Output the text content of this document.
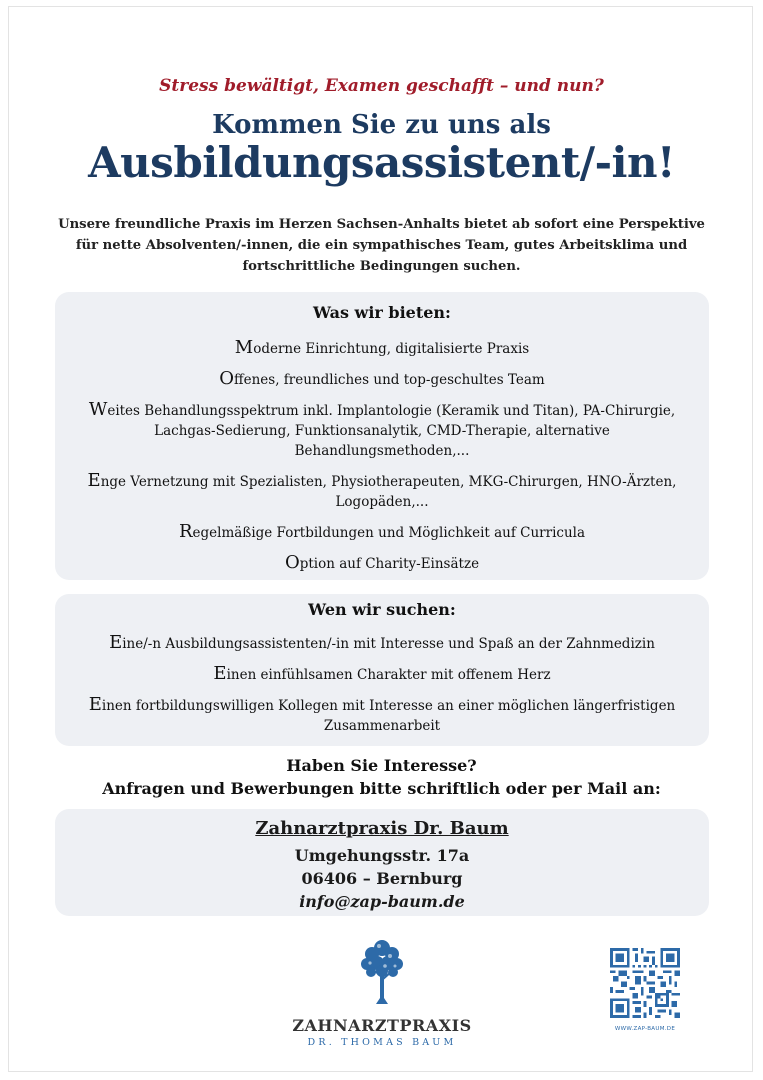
Stress bewältigt, Examen geschafft – und nun?
Kommen Sie zu uns als
Ausbildungsassistent/-in!
Unsere freundliche Praxis im Herzen Sachsen-Anhalts bietet ab sofort eine Perspektive
für nette Absolventen/-innen, die ein sympathisches Team, gutes Arbeitsklima und
fortschrittliche Bedingungen suchen.
Was wir bieten:
Moderne Einrichtung, digitalisierte Praxis
Offenes, freundliches und top-geschultes Team
Weites Behandlungsspektrum inkl. Implantologie (Keramik und Titan), PA-Chirurgie,
Lachgas-Sedierung, Funktionsanalytik, CMD-Therapie, alternative
Behandlungsmethoden,...
Enge Vernetzung mit Spezialisten, Physiotherapeuten, MKG-Chirurgen, HNO-Ärzten,
Logopäden,...
Regelmäßige Fortbildungen und Möglichkeit auf Curricula
Option auf Charity-Einsätze
Wen wir suchen:
Eine/-n Ausbildungsassistenten/-in mit Interesse und Spaß an der Zahnmedizin
Einen einfühlsamen Charakter mit offenem Herz
Einen fortbildungswilligen Kollegen mit Interesse an einer möglichen längerfristigen
Zusammenarbeit
Haben Sie Interesse?
Anfragen und Bewerbungen bitte schriftlich oder per Mail an:
Zahnarztpraxis Dr. Baum
Umgehungsstr. 17a
06406 – Bernburg
info@zap-baum.de
ZAHNARZTPRAXIS
DR. THOMAS BAUM
WWW.ZAP-BAUM.DE
